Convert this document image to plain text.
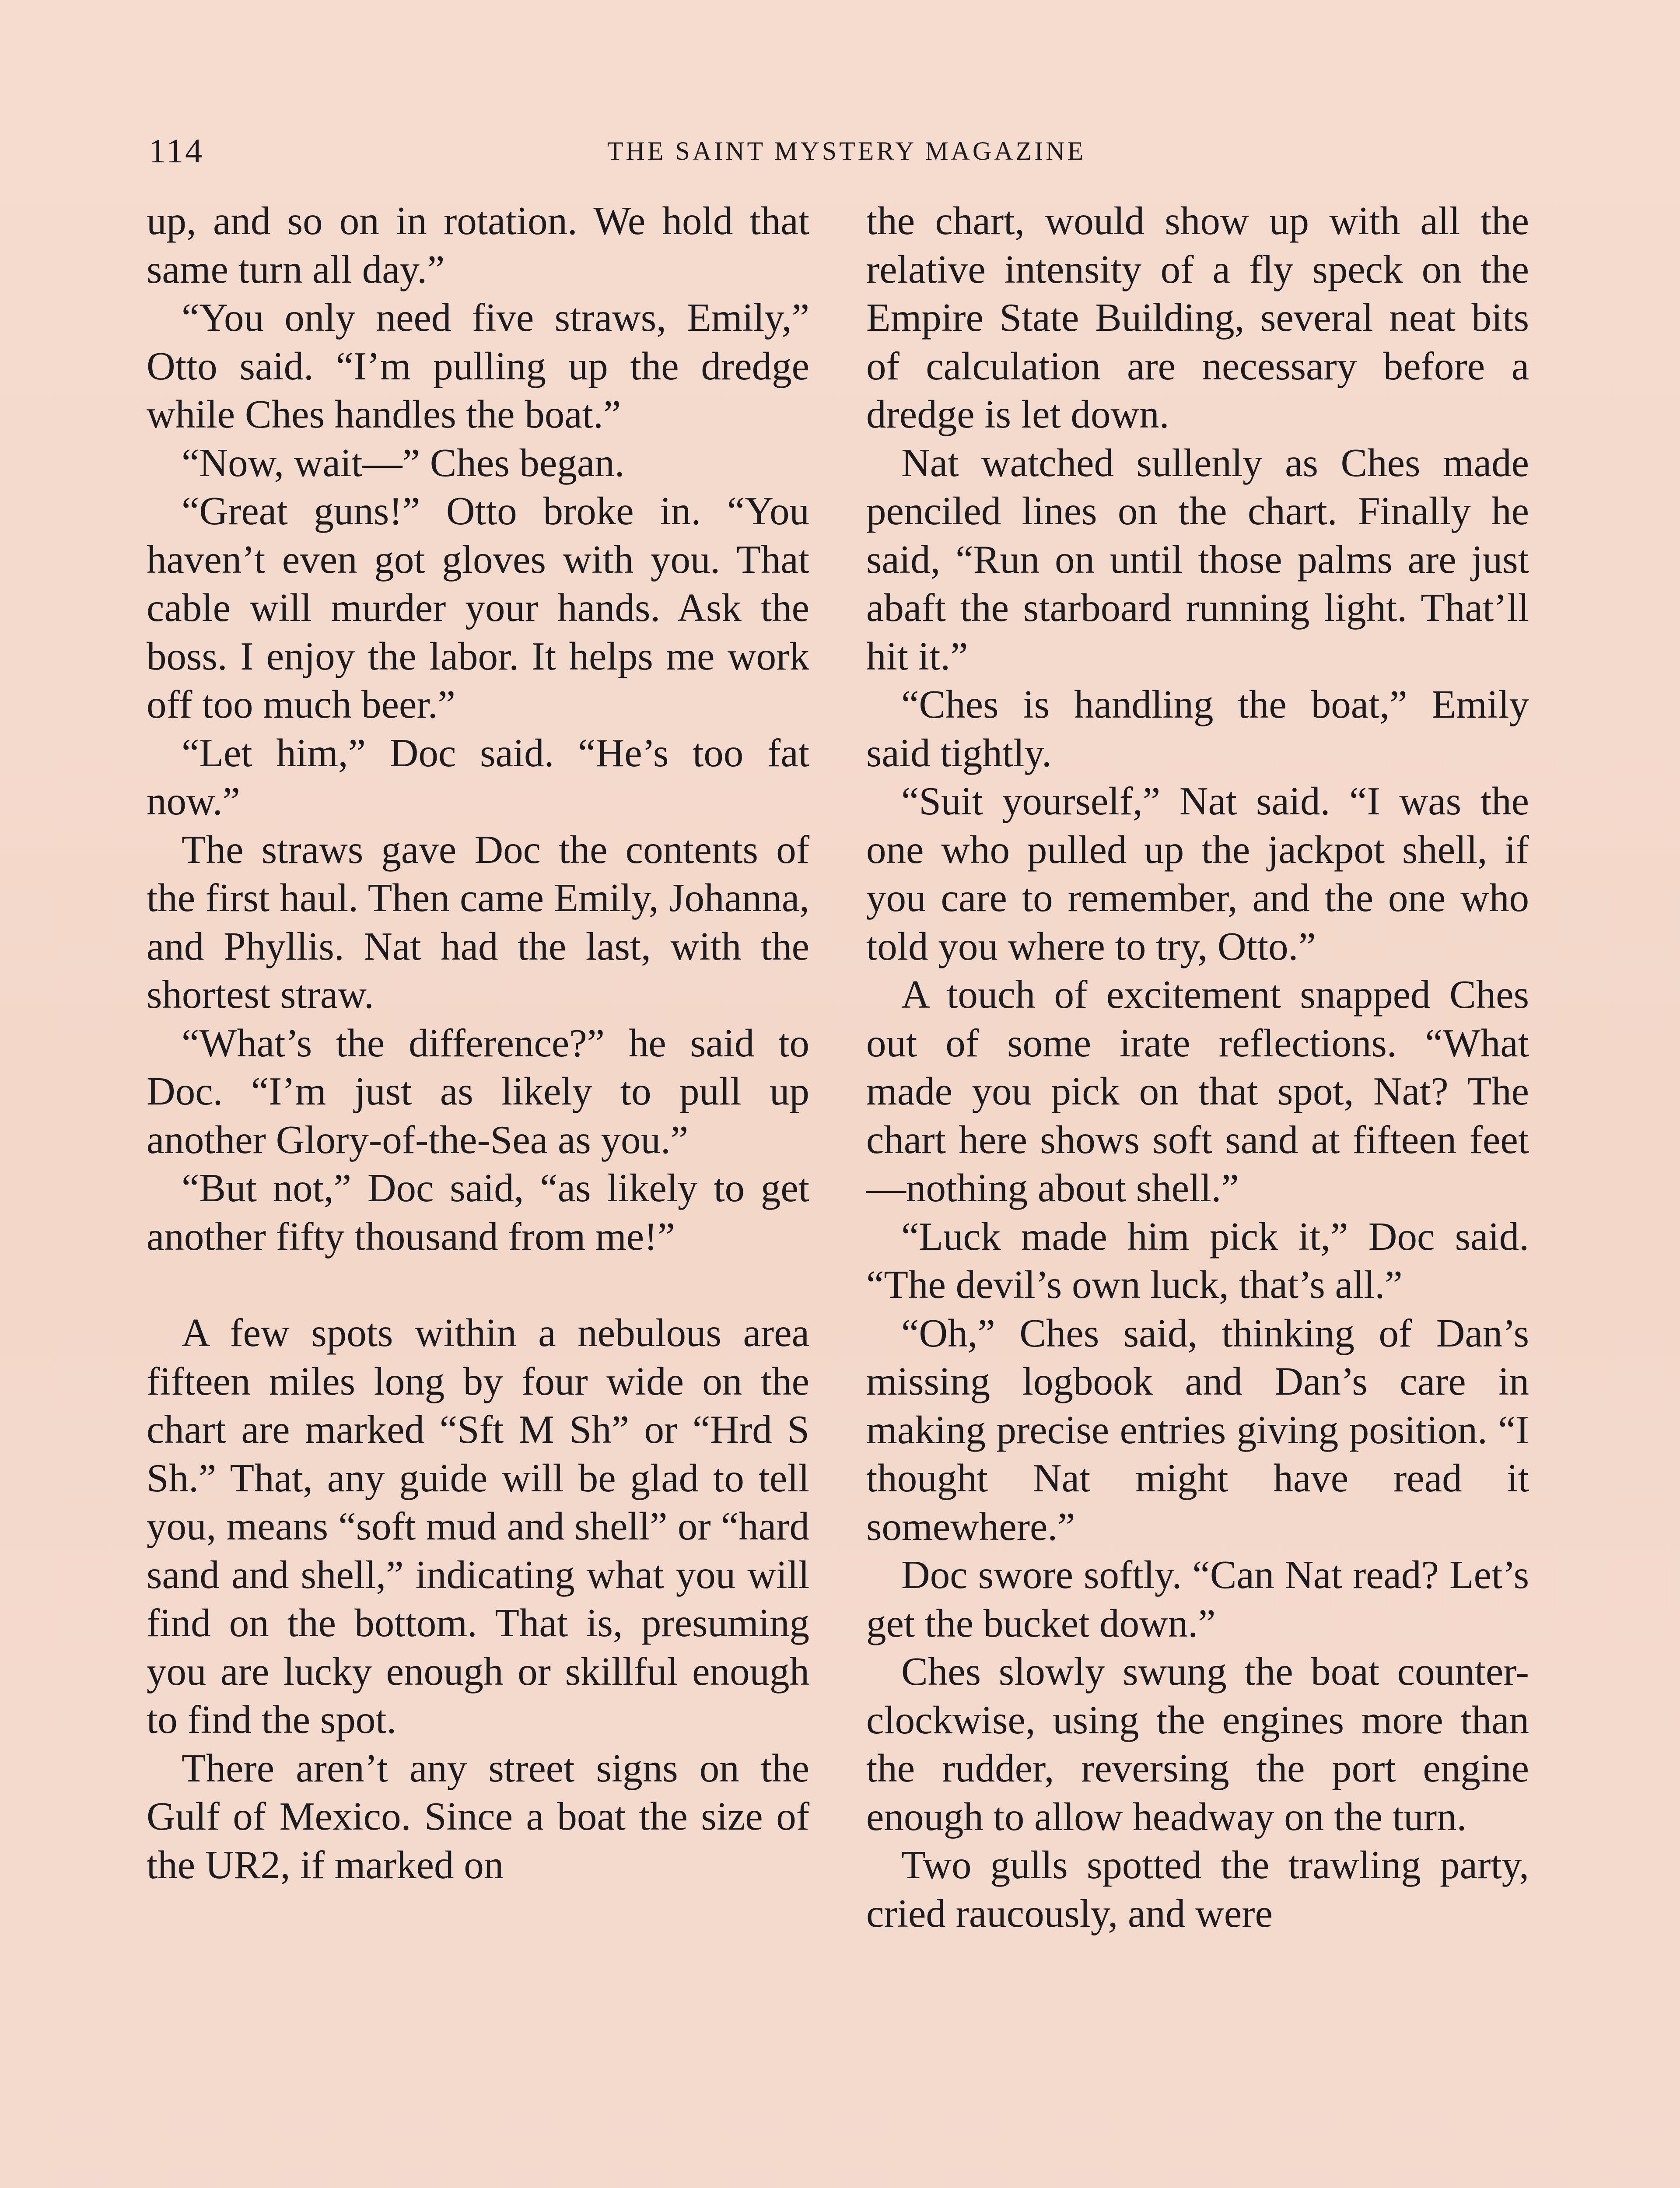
114	THE SAINT MYSTERY MAGAZINE

up, and so on in rotation. We hold that same turn all day.”

“You only need five straws, Emily,” Otto said. “I’m pulling up the dredge while Ches handles the boat.”

“Now, wait—” Ches began.

“Great guns!” Otto broke in. “You haven’t even got gloves with you. That cable will murder your hands. Ask the boss. I enjoy the labor. It helps me work off too much beer.”

“Let him,” Doc said. “He’s too fat now.”

The straws gave Doc the contents of the first haul. Then came Emily, Johanna, and Phyllis. Nat had the last, with the shortest straw.

“What’s the difference?” he said to Doc. “I’m just as likely to pull up another Glory-of-the-Sea as you.”

“But not,” Doc said, “as likely to get another fifty thousand from me!”

A few spots within a nebulous area fifteen miles long by four wide on the chart are marked “Sft M Sh” or “Hrd S Sh.” That, any guide will be glad to tell you, means “soft mud and shell” or “hard sand and shell,” indicating what you will find on the bottom. That is, presuming you are lucky enough or skillful enough to find the spot.

There aren’t any street signs on the Gulf of Mexico. Since a boat the size of the UR2, if marked on

the chart, would show up with all the relative intensity of a fly speck on the Empire State Building, several neat bits of calculation are necessary before a dredge is let down.

Nat watched sullenly as Ches made penciled lines on the chart. Finally he said, “Run on until those palms are just abaft the starboard running light. That’ll hit it.”

“Ches is handling the boat,” Emily said tightly.

“Suit yourself,” Nat said. “I was the one who pulled up the jackpot shell, if you care to remember, and the one who told you where to try, Otto.”

A touch of excitement snapped Ches out of some irate reflections. “What made you pick on that spot, Nat? The chart here shows soft sand at fifteen feet—nothing about shell.”

“Luck made him pick it,” Doc said. “The devil’s own luck, that’s all.”

“Oh,” Ches said, thinking of Dan’s missing logbook and Dan’s care in making precise entries giving position. “I thought Nat might have read it somewhere.”

Doc swore softly. “Can Nat read? Let’s get the bucket down.”

Ches slowly swung the boat counter-clockwise, using the engines more than the rudder, reversing the port engine enough to allow headway on the turn.

Two gulls spotted the trawling party, cried raucously, and were
